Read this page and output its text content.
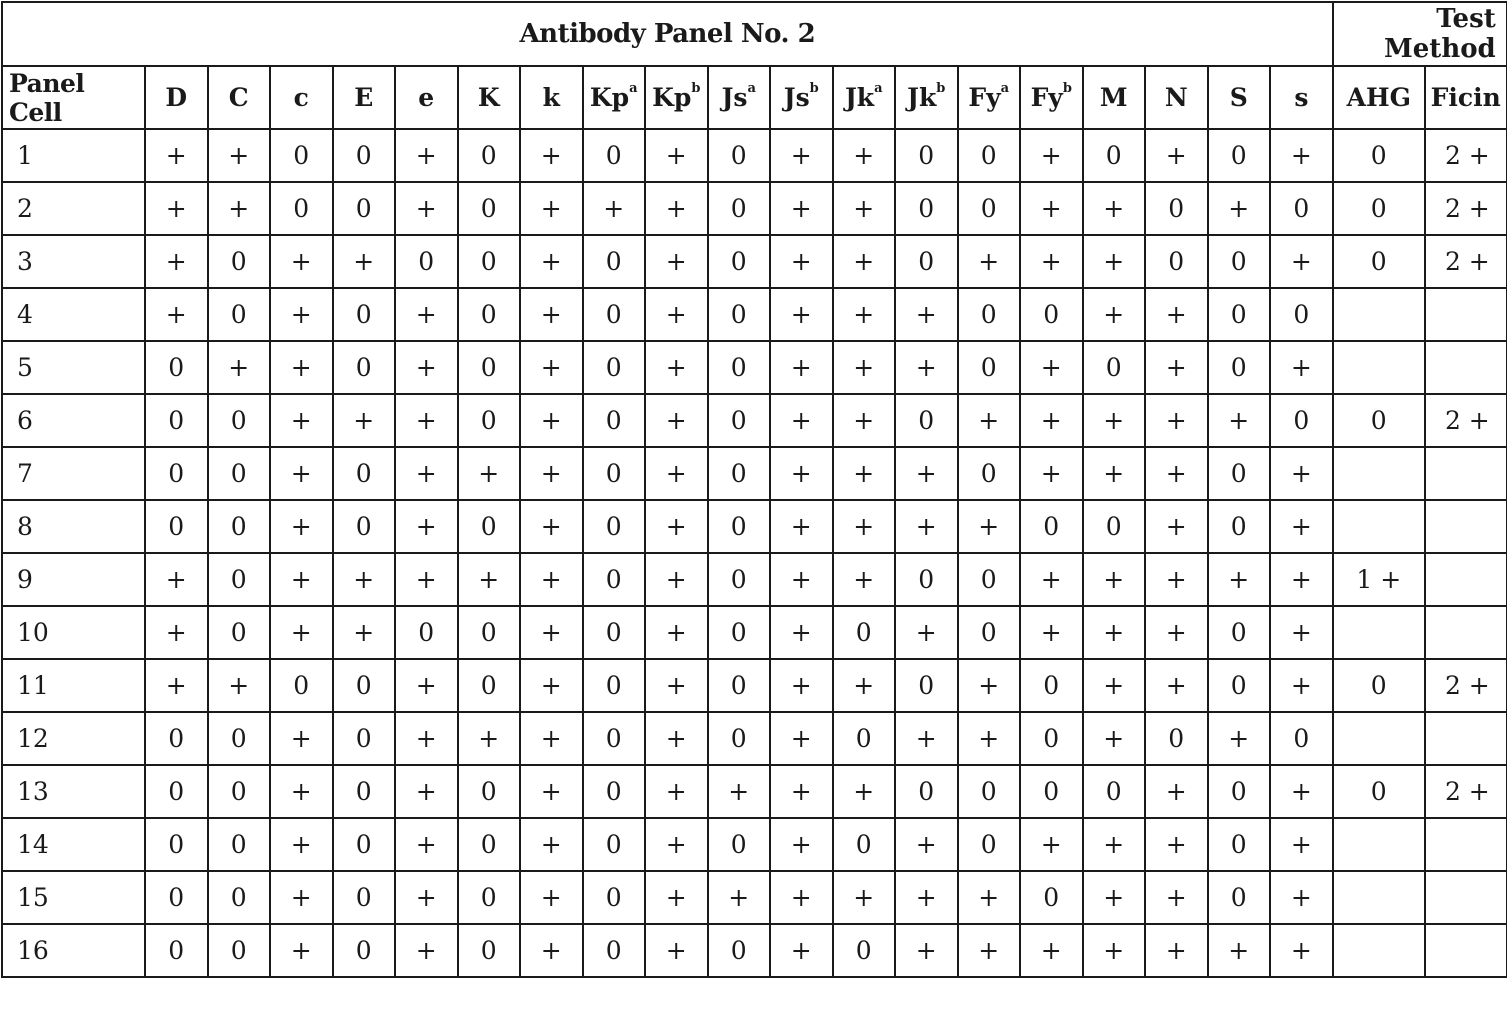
Antibody Panel No. 2																				Test Method	
Panel Cell	D	C	c	E	e	K	k	Kp$^a$	Kp$^b$	Js$^a$	Js$^b$	Jk$^a$	Jk$^b$	Fy$^a$	Fy$^b$	M	N	S	s	AHG	Ficin
1	+	+	0	0	+	0	+	0	+	0	+	+	0	0	+	0	+	0	+	0	2 +
2	+	+	0	0	+	0	+	+	+	0	+	+	0	0	+	+	0	+	0	0	2 +
3	+	0	+	+	0	0	+	0	+	0	+	+	0	+	+	+	0	0	+	0	2 +
4	+	0	+	0	+	0	+	0	+	0	+	+	+	0	0	+	+	0	0		
5	0	+	+	0	+	0	+	0	+	0	+	+	+	0	+	0	+	0	+		
6	0	0	+	+	+	0	+	0	+	0	+	+	0	+	+	+	+	+	0	0	2 +
7	0	0	+	0	+	+	+	0	+	0	+	+	+	0	+	+	+	0	+		
8	0	0	+	0	+	0	+	0	+	0	+	+	+	+	0	0	+	0	+		
9	+	0	+	+	+	+	+	0	+	0	+	+	0	0	+	+	+	+	+	1 +	
10	+	0	+	+	0	0	+	0	+	0	+	0	+	0	+	+	+	0	+		
11	+	+	0	0	+	0	+	0	+	0	+	+	0	+	0	+	+	0	+	0	2 +
12	0	0	+	0	+	+	+	0	+	0	+	0	+	+	0	+	0	+	0		
13	0	0	+	0	+	0	+	0	+	+	+	+	0	0	0	0	+	0	+	0	2 +
14	0	0	+	0	+	0	+	0	+	0	+	0	+	0	+	+	+	0	+		
15	0	0	+	0	+	0	+	0	+	+	+	+	+	+	0	+	+	0	+		
16	0	0	+	0	+	0	+	0	+	0	+	0	+	+	+	+	+	+	+		
